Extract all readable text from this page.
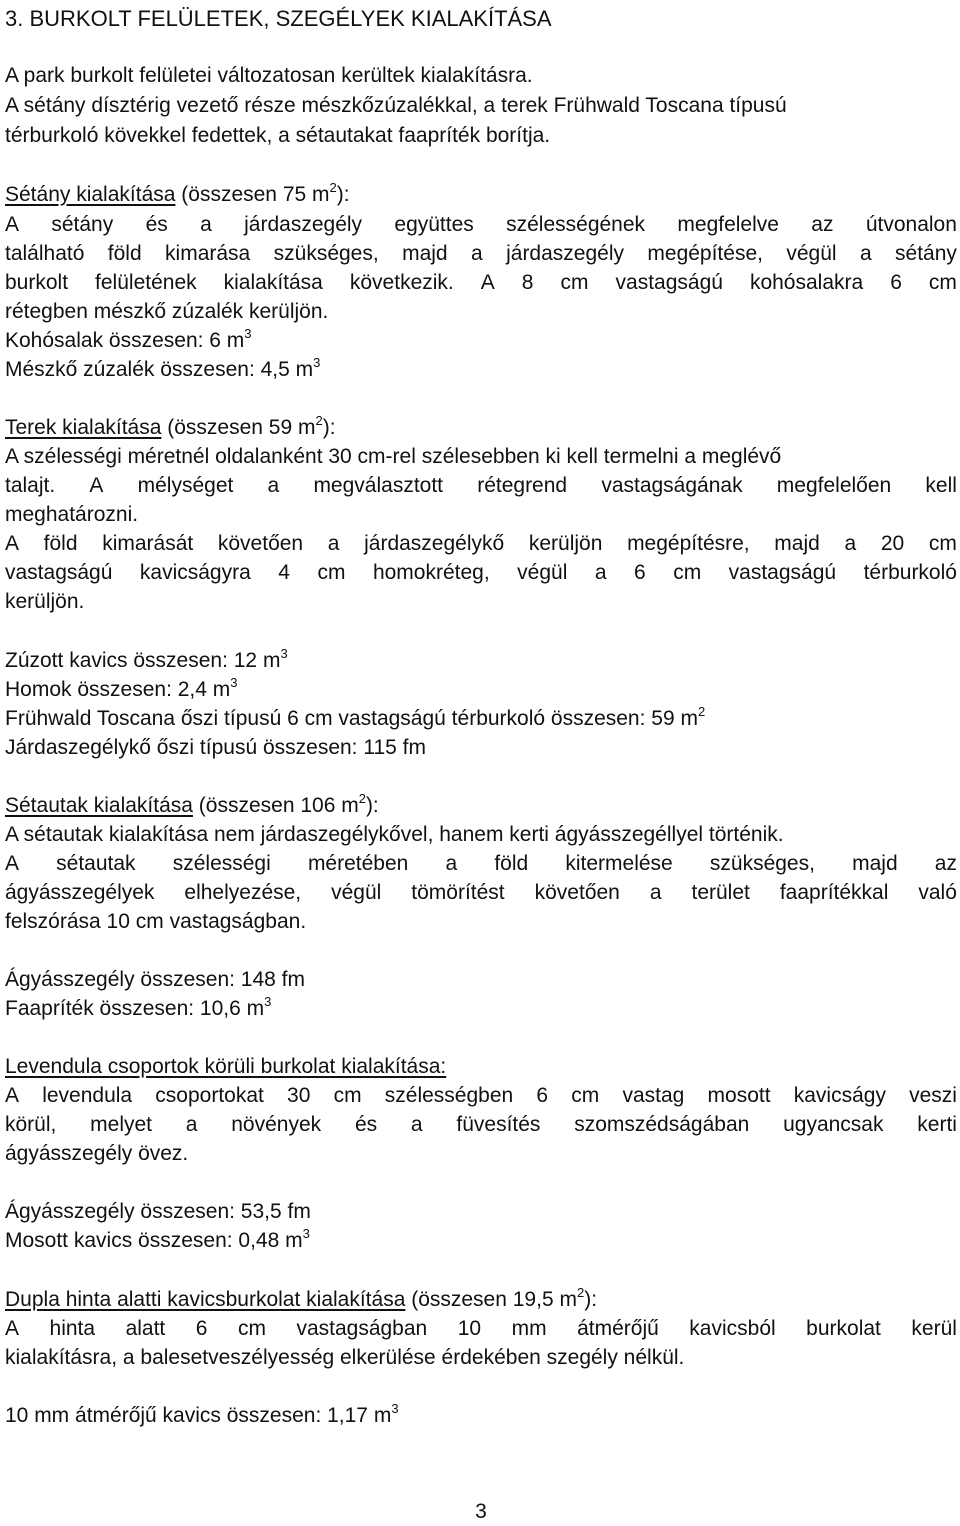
3. BURKOLT FELÜLETEK, SZEGÉLYEK KIALAKÍTÁSA
A park burkolt felületei változatosan kerültek kialakításra.
A sétány dísztérig vezető része mészkőzúzalékkal, a terek Frühwald Toscana típusú
térburkoló kövekkel fedettek, a sétautakat faapríték borítja.
Sétány kialakítása (összesen 75 $m^2$):
A sétány és a járdaszegély együttes szélességének megfelelve az útvonalon
található föld kimarása szükséges, majd a járdaszegély megépítése, végül a sétány
burkolt felületének kialakítása következik. A 8 cm vastagságú kohósalakra 6 cm
rétegben mészkő zúzalék kerüljön.
Kohósalak összesen: 6 $m^3$
Mészkő zúzalék összesen: 4,5 $m^3$
Terek kialakítása (összesen 59 $m^2$):
A szélességi méretnél oldalanként 30 cm-rel szélesebben ki kell termelni a meglévő
talajt. A mélységet a megválasztott rétegrend vastagságának megfelelően kell
meghatározni.
A föld kimarását követően a járdaszegélykő kerüljön megépítésre, majd a 20 cm
vastagságú kavicságyra 4 cm homokréteg, végül a 6 cm vastagságú térburkoló
kerüljön.
Zúzott kavics összesen: 12 $m^3$
Homok összesen: 2,4 $m^3$
Frühwald Toscana őszi típusú 6 cm vastagságú térburkoló összesen: 59 $m^2$
Járdaszegélykő őszi típusú összesen: 115 fm
Sétautak kialakítása (összesen 106 $m^2$):
A sétautak kialakítása nem járdaszegélykővel, hanem kerti ágyásszegéllyel történik.
A sétautak szélességi méretében a föld kitermelése szükséges, majd az
ágyásszegélyek elhelyezése, végül tömörítést követően a terület faaprítékkal való
felszórása 10 cm vastagságban.
Ágyásszegély összesen: 148 fm
Faapríték összesen: 10,6 $m^3$
Levendula csoportok körüli burkolat kialakítása:
A levendula csoportokat 30 cm szélességben 6 cm vastag mosott kavicságy veszi
körül, melyet a növények és a füvesítés szomszédságában ugyancsak kerti
ágyásszegély övez.
Ágyásszegély összesen: 53,5 fm
Mosott kavics összesen: 0,48 $m^3$
Dupla hinta alatti kavicsburkolat kialakítása (összesen 19,5 $m^2$):
A hinta alatt 6 cm vastagságban 10 mm átmérőjű kavicsból burkolat kerül
kialakításra, a balesetveszélyesség elkerülése érdekében szegély nélkül.
10 mm átmérőjű kavics összesen: 1,17 $m^3$
3
